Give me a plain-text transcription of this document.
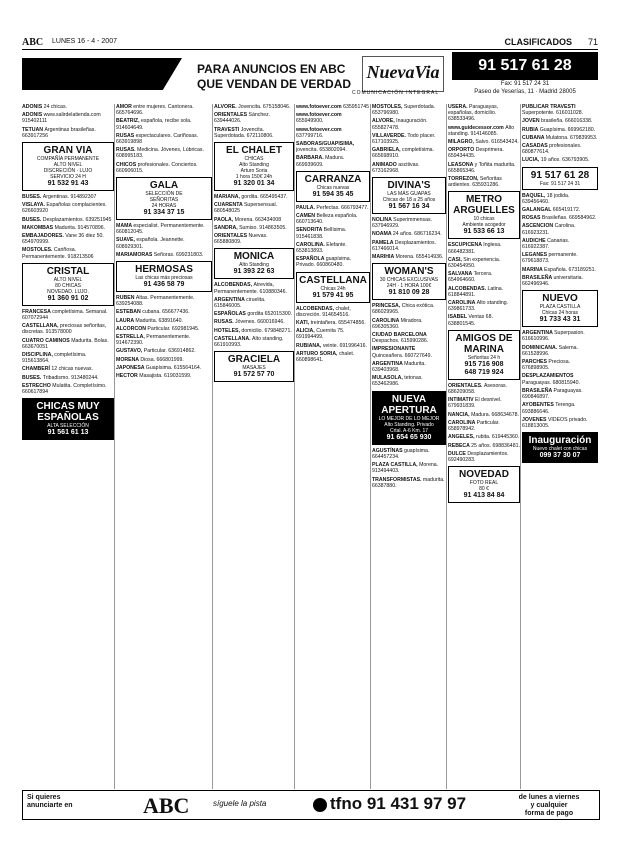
ABC LUNES 16 - 4 - 2007	CLASIFICADOS 71
PARA ANUNCIOS EN ABC
QUE VENDAN DE VERDAD
NuevaVia
COMUNICACIÓN INTEGRAL
91 517 61 28
Fax: 91 517 24 31
Paseo de Yeserías, 11 · Madrid 28005

ADONIS 24 chicas.

ADONIS www.salirdelatienda.com 915402111

TETUAN Argentinas brasileñas. 663917256

GRAN VIA
COMPAÑÍA PERMANENTE
ALTO NIVEL
DISCRECIÓN · LUJO
SERVICIO 24 H
91 532 91 43

BUSES. Argentinas. 914892307

VISLAYA. Españolas complacientes. 626603920

BUSES. Desplazamientos. 639251945

MAKOMBAS Madurita. 914570896.

EMBAJADORES. Vane 36 diez 50. 654970999.

MOSTOLES. Cariñosa. Permanentemente. 918213506

CRISTAL
ALTO NIVEL
80 CHICAS
NOVEDAD. LUJO.
91 360 91 02

FRANCESA completísima. Semanal. 607072944

CASTELLANA, preciosas señoritas, discretas. 913578000

CUATRO CAMINOS Madurita. Bolas. 663670051

DISCIPLINA, completísima. 915613864.

CHAMBERÍ 12 chicas nuevas.

BUSES. Tribadismo. 913480244.

ESTRECHO Mulatita. Completísimo. 660617894

CHICAS MUY ESPAÑOLAS
ALTA SELECCIÓN
91 561 61 13

AMOR entre mujeres. Cantonera. 665764696.

BEATRIZ, española, recibe sola. 914604649.

RUSAS espectaculares. Cariñosas. 663919898

RUSAS. Medicina. Jóvenes, Lúbricas. 608995183.

CHICOS profesionales. Conciertos. 660906015.

GALA
SELECCIÓN DE
SEÑORITAS
24 HORAS
91 334 37 15

MAMA especialist. Permanentemente. 660812045.

SUAVE, española. Jeannette. 608929301.

MARIAMORAS Señoras. 699231803.

HERMOSAS
Las chicas más preciosas
91 436 58 79

RUBEN Altas. Permanentemente. 639254088.

ESTEBAN cubana. 656677436.

LAURA Madurita. 63891640.

ALCORCON Particular. 692981945.

ESTRELLA, Permanentemente. 914672390.

GUSTAVO, Particular. 636914862.

MORENA Diosa. 666801999.

JAPONESA Guapísima. 615564164.

HECTOR Masajista. 619031599.

ALVORE. Jovencita. 675158046.

ORIENTALES Sánchez. 639444026.

TRAVESTI Jovencita. Superdotada. 672110806.

EL CHALET
CHICAS
Alto Standing
Arturo Soria
1 hora 150€ 24h
91 320 01 34

MARIANA, gordita. 665495437.

CUARENTA Supersensual. 680548025

PAOLA, Morena. 663434008

SANDRA, Sumiso. 914863505.

ORIENTALES Nuevas. 665880809.

MONICA
Alto Standing
91 393 22 63

ALCOBENDAS, Atrevida, Permanentemente. 610880346.

ARGENTINA ciruelita. 615846005.

ESPAÑOLAS gordita 652015300.

RUSAS. Jóvenes. 660016946.

HOTELES, domicilio. 679848271.

CASTELLANA. Alto standing. 661910993.

GRACIELA
MASAJES
91 572 57 70

www.fotoever.com 635951745

www.fotoever.com 655949900.

www.fotoever.com 637799716.

SABORAS/GUAPISIMA, jovencita. 653802094.

BARBARA. Madura. 669939609.

CARRANZA
Chicas nuevas
91 594 35 45

PAULA. Perfectas. 666793477.

CAMEN Belleza española. 660713640.

SENORITA Bellísima. 915461838.

CAROLINA. Elefante. 653813893.

ESPAÑOLA guapísima. Privado. 660860480.

CASTELLANA
Chicas 24h
91 579 41 95

ALCOBENDAS, chalet, discreción. 914654516.

KATI, treintañera. 655474856.

ALICIA, Cuernita 75. 691994499.

RUBIANA, veinte. 691996416.

ARTURO SORIA, chalet. 660898641.

MOSTOLES, Superdotada. 653796980.

ALVORE, Inauguración. 655827478.

VILLAVERDE. Todo placer. 617103925.

GABRIELA, completísima. 665698910.

ANIMADO ascitivas. 673162968.

DIVINA'S
LAS MÁS GUAPAS
Chicas de 18 a 25 años
91 567 16 34

NOLINA Superimmensas. 637946929.

NOAMA 24 años. 686716234.

PAMELA Desplazamientos. 617466014.

MARIHIA Morena. 655414936.

WOMAN'S
30 CHICAS EXCLUSIVAS
24H · 1 HORA 100€
91 810 09 28

PRINCESA, Chica exótica. 686029965.

CAROLINA Miradora. 696305360.

CIUDAD BARCELONA Despachos. 615990286.

IMPRESIONANTE Quinceañera. 660727649.

ARGENTINA Madurita. 639403968.

MULASOLA, tetonas. 653462986.

NUEVA APERTURA
LO MEJOR DE LO MEJOR
Alto Standing. Privado
Crtal. A-6 Km. 17
91 654 65 930

AGUSTÍNAS guapísima. 664457234.

PLAZA CASTILLA, Morena. 913494403.

TRANSFORMISTAS. madurita. 66387880.

USERA. Paraguayas, españolas, domicilio. 638533496.

www.guidecessor.com Alto standing. 914146085.

MILAGRO, Salvo. 616543424.

ORPORTO Desprimera. 659434435.

LEASONA y Toñita madurita. 665865346.

TORREZON, Señoritas ardientes. 635931286.

METRO ARGUELLES
10 chicas
Ambiente acogedor
91 533 66 13

ESCUPICENA Inglesa. 666482381.

CASI, Sin experiencia. 630454950.

SALVANA Tercera. 654964660.

ALCOBENDAS. Latina. 618844891.

CAROLINA Alto standing. 639861733.

ISABEL Ventas 68. 638801545.

AMIGOS DE MARINA
Señoritas 24 h
915 716 908
648 719 924

ORIENTALES. Asesoras. 686209058.

INTIMATIV El desnivel. 679931839.

NANCIA, Madura. 668634678.

CAROLINA Particular. 658978942.

ANGELES, rubita. 619445360.

REBECA 25 años. 698836481.

DULCE Desplazamientos. 692490283.

NOVEDAD
FOTO REAL
80 €
91 413 84 84

PUBLICAR TRAVESTI Superpotente. 616011028.

JOVEN brasileña. 666016338.

RUBIA Guapísima. 669962180.

CUBANA Mulatona. 679839953.

CASADAS profesionales. 680877614.

LUCIA, 19 años. 636793905.

91 517 61 28
Fax: 91 517 24 31

BAQUEL, 18 jodida. 639456460.

GALANGAL 665419172.

ROSAS Brasileñas. 669584962.

ASCENCION Carolina. 616923231.

AUDICHE Canarias. 616922387.

LEGANES permanente. 679618873.

MARINA Española. 673189251.

BRASILEÑA universitaria. 662496946.

NUEVO
PLAZA CASTILLA
Chicas 24 horas
91 733 43 31

ARGENTINA Superpasion. 616610996.

DOMINICANA. Salerna. 661528996.

PARCHES Preciosa. 676898905.

DESPLAZAMIENTOS Paraguayas. 680815940.

BRASILEÑA Paraguayas. 690846897.

AYOBENTES Terenga. 693886646.

JOVENES VIDEOS privado. 618813005.

Inauguración
Nuevo chalet con chicas
099 37 30 07
Si quieres
anunciarte en	ABC	síguele la pista	tfno 91 431 97 97	de lunes a viernes
y cualquier
forma de pago
